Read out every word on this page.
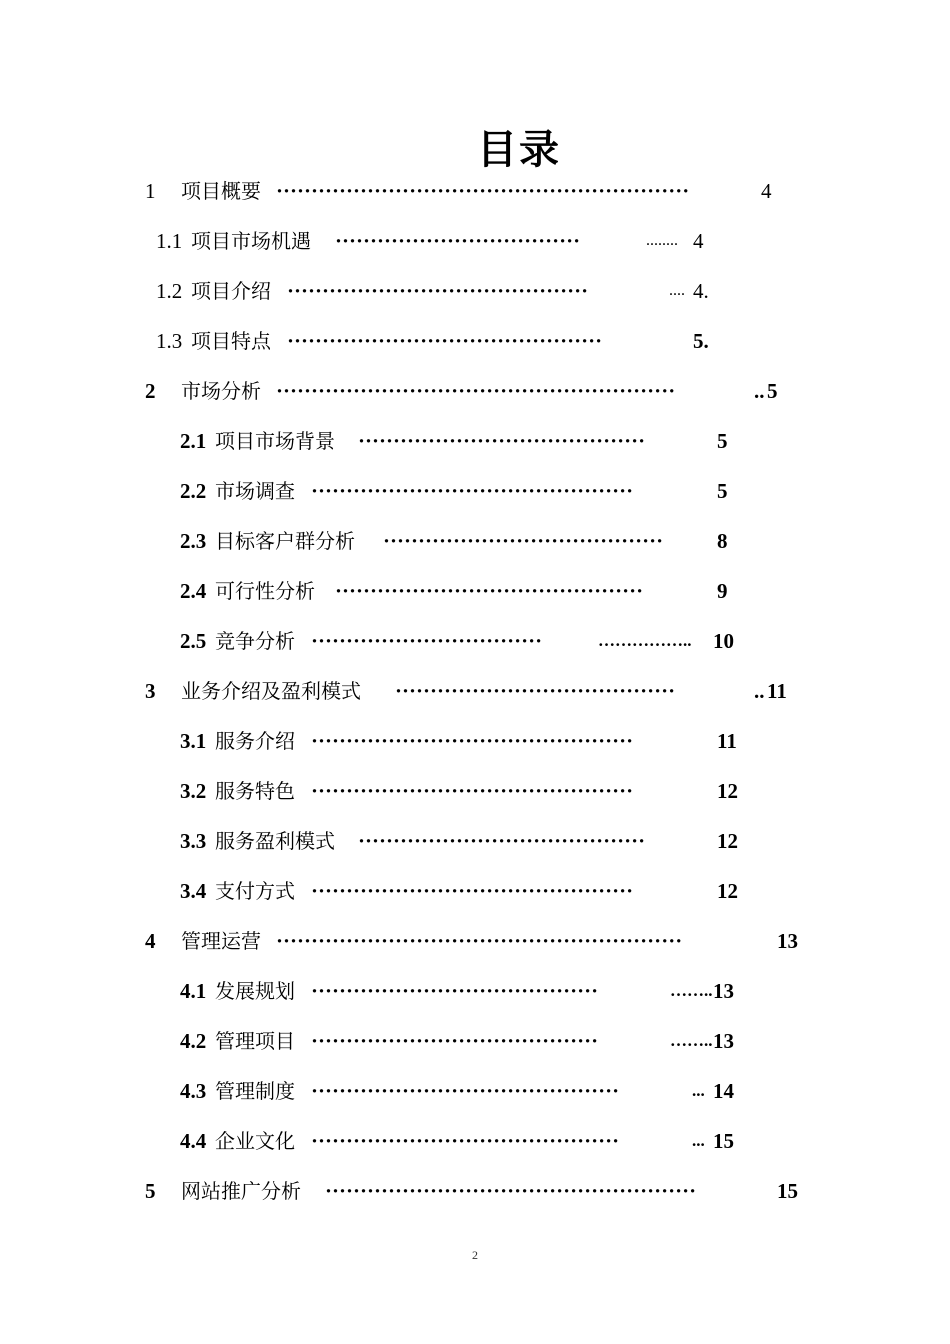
目录
1 项目概要 ···························································	4
1.1 项目市场机遇 ···································	........ 4
1.2 项目介绍 ···········································	.... 4.
1.3 项目特点 ·············································	5.
2 市场分析 ·························································	.. 5
2.1 项目市场背景 ·········································	5
2.2 市场调查 ··············································	5
2.3 目标客户群分析 ········································	8
2.4 可行性分析 ············································	9
2.5 竞争分析 ·································	…………….. 10
3 业务介绍及盈利模式 ········································	.. 11
3.1 服务介绍 ··············································	11
3.2 服务特色 ··············································	12
3.3 服务盈利模式 ·········································	12
3.4 支付方式 ··············································	12
4 管理运营 ··························································	13
4.1 发展规划 ·········································	…….. 13
4.2 管理项目 ·········································	…….. 13
4.3 管理制度 ············································	... 14
4.4 企业文化 ············································	... 15
5 网站推广分析 ·····················································	15
2
